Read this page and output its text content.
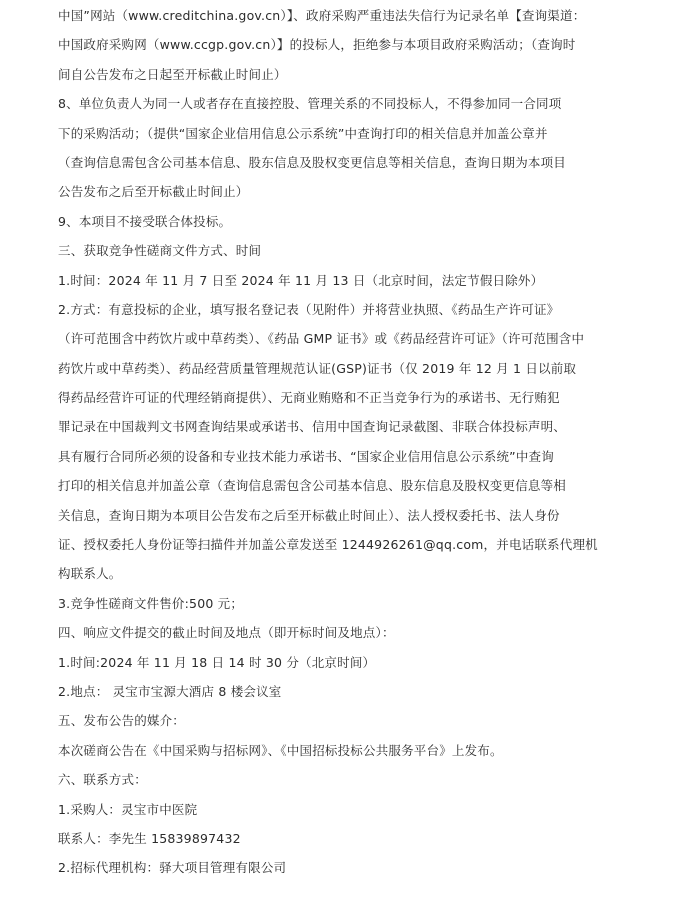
中国”网站（www.creditchina.gov.cn）】、政府采购严重违法失信行为记录名单【查询渠道：
中国政府采购网（www.ccgp.gov.cn）】的投标人，拒绝参与本项目政府采购活动；（查询时
间自公告发布之日起至开标截止时间止）
8、单位负责人为同一人或者存在直接控股、管理关系的不同投标人，不得参加同一合同项
下的采购活动；（提供“国家企业信用信息公示系统”中查询打印的相关信息并加盖公章并
（查询信息需包含公司基本信息、股东信息及股权变更信息等相关信息，查询日期为本项目
公告发布之后至开标截止时间止）
9、本项目不接受联合体投标。
三、获取竞争性磋商文件方式、时间
1.时间：2024 年 11 月 7 日至 2024 年 11 月 13 日（北京时间，法定节假日除外）
2.方式：有意投标的企业，填写报名登记表（见附件）并将营业执照、《药品生产许可证》
（许可范围含中药饮片或中草药类）、《药品 GMP 证书》或《药品经营许可证》（许可范围含中
药饮片或中草药类）、药品经营质量管理规范认证(GSP)证书（仅 2019 年 12 月 1 日以前取
得药品经营许可证的代理经销商提供）、无商业贿赂和不正当竞争行为的承诺书、无行贿犯
罪记录在中国裁判文书网查询结果或承诺书、信用中国查询记录截图、非联合体投标声明、
具有履行合同所必须的设备和专业技术能力承诺书、“国家企业信用信息公示系统”中查询
打印的相关信息并加盖公章（查询信息需包含公司基本信息、股东信息及股权变更信息等相
关信息，查询日期为本项目公告发布之后至开标截止时间止）、法人授权委托书、法人身份
证、授权委托人身份证等扫描件并加盖公章发送至 1244926261@qq.com，并电话联系代理机
构联系人。
3.竞争性磋商文件售价:500 元；
四、响应文件提交的截止时间及地点（即开标时间及地点）：
1.时间:2024 年 11 月 18 日 14 时 30 分（北京时间）
2.地点： 灵宝市宝源大酒店 8 楼会议室
五、发布公告的媒介：
本次磋商公告在《中国采购与招标网》、《中国招标投标公共服务平台》上发布。
六、联系方式：
1.采购人：灵宝市中医院
联系人：李先生 15839897432
2.招标代理机构：驿大项目管理有限公司
